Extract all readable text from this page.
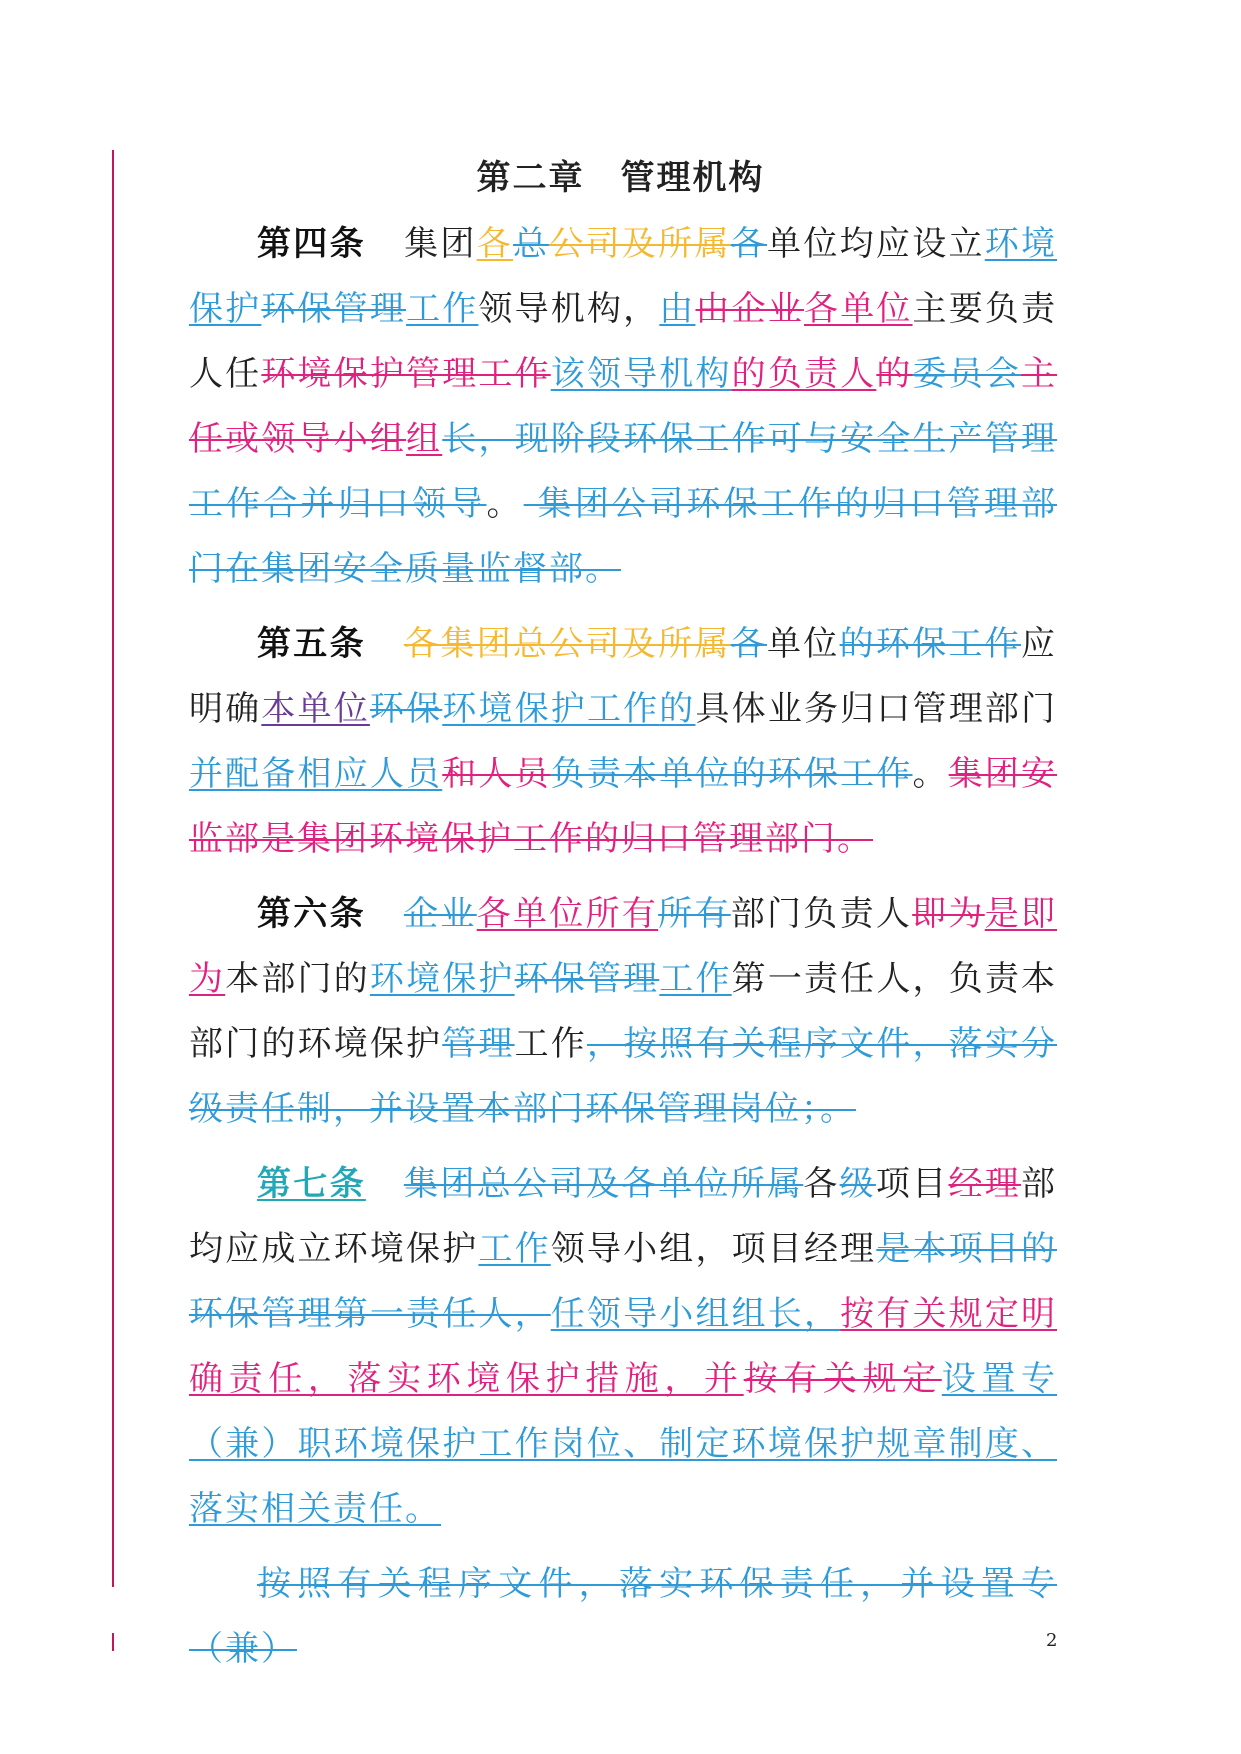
第二章　管理机构

第四条 集团各总公司及所属各单位均应设立环境保护环保管理工作领导机构，由由企业各单位主要负责人任环境保护管理工作该领导机构的负责人的委员会主任或领导小组组长，现阶段环保工作可与安全生产管理工作合并归口领导。 集团公司环保工作的归口管理部门在集团安全质量监督部。

第五条 各集团总公司及所属各单位的环保工作应明确本单位环保环境保护工作的具体业务归口管理部门并配备相应人员和人员负责本单位的环保工作。集团安监部是集团环境保护工作的归口管理部门。

第六条 企业各单位所有所有部门负责人即为是即为本部门的环境保护环保管理工作第一责任人，负责本部门的环境保护管理工作，按照有关程序文件，落实分级责任制，并设置本部门环保管理岗位；。

第七条 集团总公司及各单位所属各级项目经理部均应成立环境保护工作领导小组，项目经理是本项目的环保管理第一责任人，任领导小组组长，按有关规定明确责任，落实环境保护措施，并按有关规定设置专（兼）职环境保护工作岗位、制定环境保护规章制度、落实相关责任。

按照有关程序文件，落实环保责任，并设置专（兼）	2
